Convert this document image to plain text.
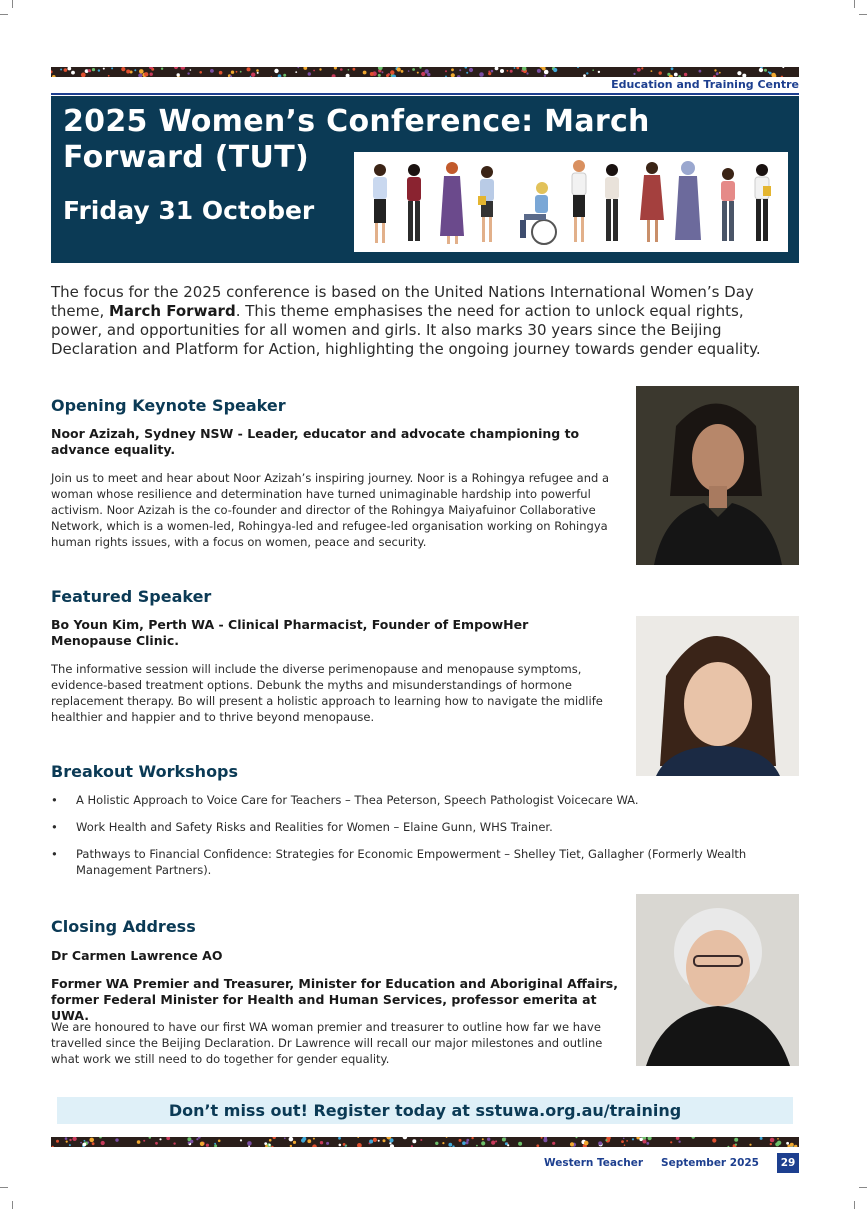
Education and Training Centre
2025 Women’s Conference: March Forward (TUT)
Friday 31 October

The focus for the 2025 conference is based on the United Nations International Women’s Day theme, March Forward. This theme emphasises the need for action to unlock equal rights, power, and opportunities for all women and girls. It also marks 30 years since the Beijing Declaration and Platform for Action, highlighting the ongoing journey towards gender equality.

Opening Keynote Speaker
Noor Azizah, Sydney NSW - Leader, educator and advocate championing to advance equality.
Join us to meet and hear about Noor Azizah’s inspiring journey. Noor is a Rohingya refugee and a woman whose resilience and determination have turned unimaginable hardship into powerful activism. Noor Azizah is the co-founder and director of the Rohingya Maiyafuinor Collaborative Network, which is a women-led, Rohingya-led and refugee-led organisation working on Rohingya human rights issues, with a focus on women, peace and security.
Featured Speaker
Bo Youn Kim, Perth WA - Clinical Pharmacist, Founder of EmpowHer Menopause Clinic.
The informative session will include the diverse perimenopause and menopause symptoms, evidence-based treatment options. Debunk the myths and misunderstandings of hormone replacement therapy. Bo will present a holistic approach to learning how to navigate the midlife healthier and happier and to thrive beyond menopause.
Breakout Workshops
• A Holistic Approach to Voice Care for Teachers – Thea Peterson, Speech Pathologist Voicecare WA.
• Work Health and Safety Risks and Realities for Women – Elaine Gunn, WHS Trainer.
• Pathways to Financial Confidence: Strategies for Economic Empowerment – Shelley Tiet, Gallagher (Formerly Wealth Management Partners).
Closing Address
Dr Carmen Lawrence AO
Former WA Premier and Treasurer, Minister for Education and Aboriginal Affairs, former Federal Minister for Health and Human Services, professor emerita at UWA.
We are honoured to have our first WA woman premier and treasurer to outline how far we have travelled since the Beijing Declaration. Dr Lawrence will recall our major milestones and outline what work we still need to do together for gender equality.
Don’t miss out! Register today at sstuwa.org.au/training
Western Teacher September 2025	29
